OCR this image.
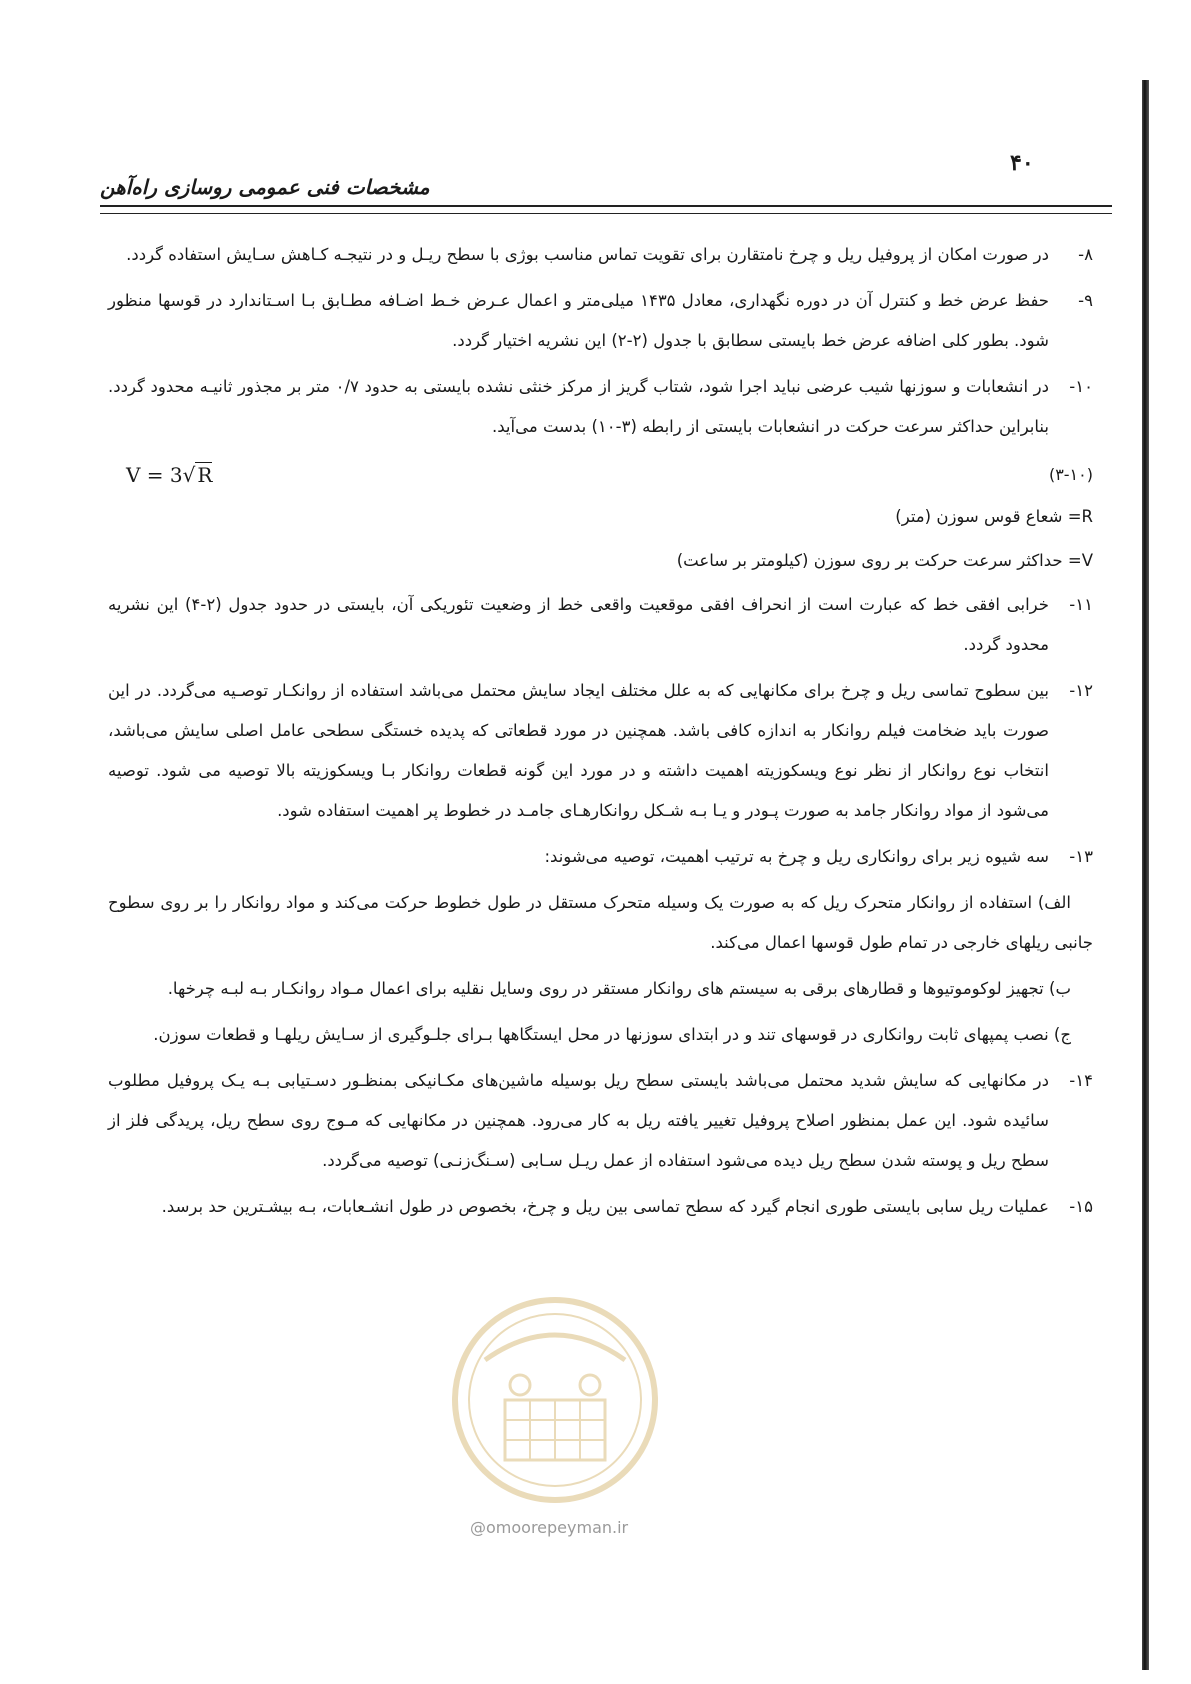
۴۰
مشخصات فنی عمومی روسازی راه‌آهن
۸-
در صورت امکان از پروفیل ریل و چرخ نامتقارن برای تقویت تماس مناسب بوژی با سطح ریـل و در نتیجـه کـاهش سـایش استفاده گردد.
۹-
حفظ عرض خط و کنترل آن در دوره نگهداری، معادل ۱۴۳۵ میلی‌متر و اعمال عـرض خـط اضـافه مطـابق بـا اسـتاندارد در قوسها منظور شود. بطور کلی اضافه عرض خط بایستی سطابق با جدول (۲-۲) این نشریه اختیار گردد.
۱۰-
در انشعابات و سوزنها شیب عرضی نباید اجرا شود، شتاب گریز از مرکز خنثی نشده بایستی به حدود ۰/۷ متر بر مجذور ثانیـه محدود گردد. بنابراین حداکثر سرعت حرکت در انشعابات بایستی از رابطه (۳-۱۰) بدست می‌آید.
(۳-۱۰)
V = 3√ R
R= شعاع قوس سوزن (متر)
V= حداکثر سرعت حرکت بر روی سوزن (کیلومتر بر ساعت)
۱۱-
خرابی افقی خط که عبارت است از انحراف افقی موقعیت واقعی خط از وضعیت تئوریکی آن، بایستی در حدود جدول (۲-۴) این نشریه محدود گردد.
۱۲-
بین سطوح تماسی ریل و چرخ برای مکانهایی که به علل مختلف ایجاد سایش محتمل می‌باشد استفاده از روانکـار توصـیه می‌گردد. در این صورت باید ضخامت فیلم روانکار به اندازه کافی باشد. همچنین در مورد قطعاتی که پدیده خستگی سطحی عامل اصلی سایش می‌باشد، انتخاب نوع روانکار از نظر نوع ویسکوزیته اهمیت داشته و در مورد این گونه قطعات روانکار بـا ویسکوزیته بالا توصیه می شود. توصیه می‌شود از مواد روانکار جامد به صورت پـودر و یـا بـه شـکل روانکارهـای جامـد در خطوط پر اهمیت استفاده شود.
۱۳-
سه شیوه زیر برای روانکاری ریل و چرخ به ترتیب اهمیت، توصیه می‌شوند:
الف) استفاده از روانکار متحرک ریل که به صورت یک وسیله متحرک مستقل در طول خطوط حرکت می‌کند و مواد روانکار را بر روی سطوح جانبی ریلهای خارجی در تمام طول قوسها اعمال می‌کند.
ب) تجهیز لوکوموتیوها و قطارهای برقی به سیستم های روانکار مستقر در روی وسایل نقلیه برای اعمال مـواد روانکـار بـه لبـه چرخها.
ج) نصب پمپهای ثابت روانکاری در قوسهای تند و در ابتدای سوزنها در محل ایستگاهها بـرای جلـوگیری از سـایش ریلهـا و قطعات سوزن.
۱۴-
در مکانهایی که سایش شدید محتمل می‌باشد بایستی سطح ریل بوسیله ماشین‌های مکـانیکی بمنظـور دسـتیابی بـه یـک پروفیل مطلوب سائیده شود. این عمل بمنظور اصلاح پروفیل تغییر یافته ریل به کار می‌رود. همچنین در مکانهایی که مـوج روی سطح ریل، پریدگی فلز از سطح ریل و پوسته شدن سطح ریل دیده می‌شود استفاده از عمل ریـل سـابی (سـنگ‌زنـی) توصیه می‌گردد.
۱۵-
عملیات ریل سابی بایستی طوری انجام گیرد که سطح تماسی بین ریل و چرخ، بخصوص در طول انشـعابات، بـه بیشـترین حد برسد.
@omoorepeyman.ir
